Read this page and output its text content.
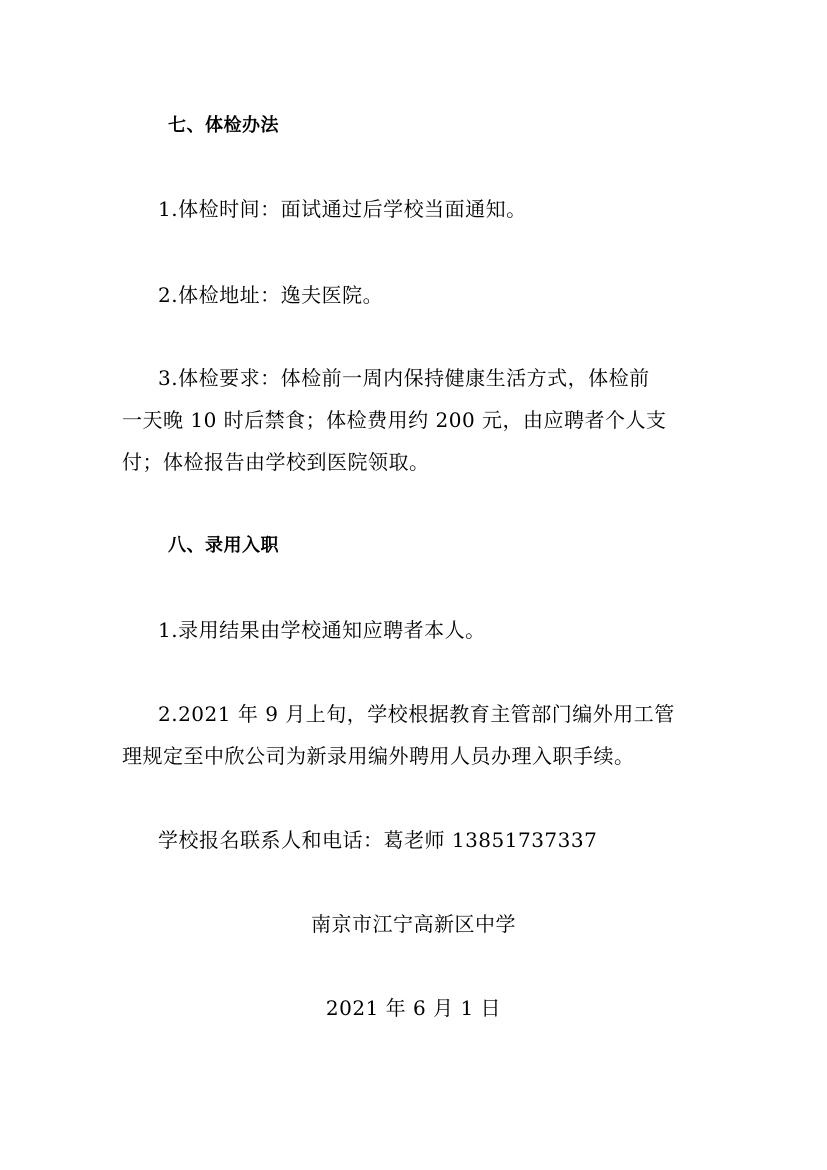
七、体检办法

1.体检时间：面试通过后学校当面通知。

2.体检地址：逸夫医院。

3.体检要求：体检前一周内保持健康生活方式，体检前

一天晚 10 时后禁食；体检费用约 200 元，由应聘者个人支

付；体检报告由学校到医院领取。

八、录用入职

1.录用结果由学校通知应聘者本人。

2.2021 年 9 月上旬，学校根据教育主管部门编外用工管

理规定至中欣公司为新录用编外聘用人员办理入职手续。

学校报名联系人和电话：葛老师 13851737337

南京市江宁高新区中学

2021 年 6 月 1 日
